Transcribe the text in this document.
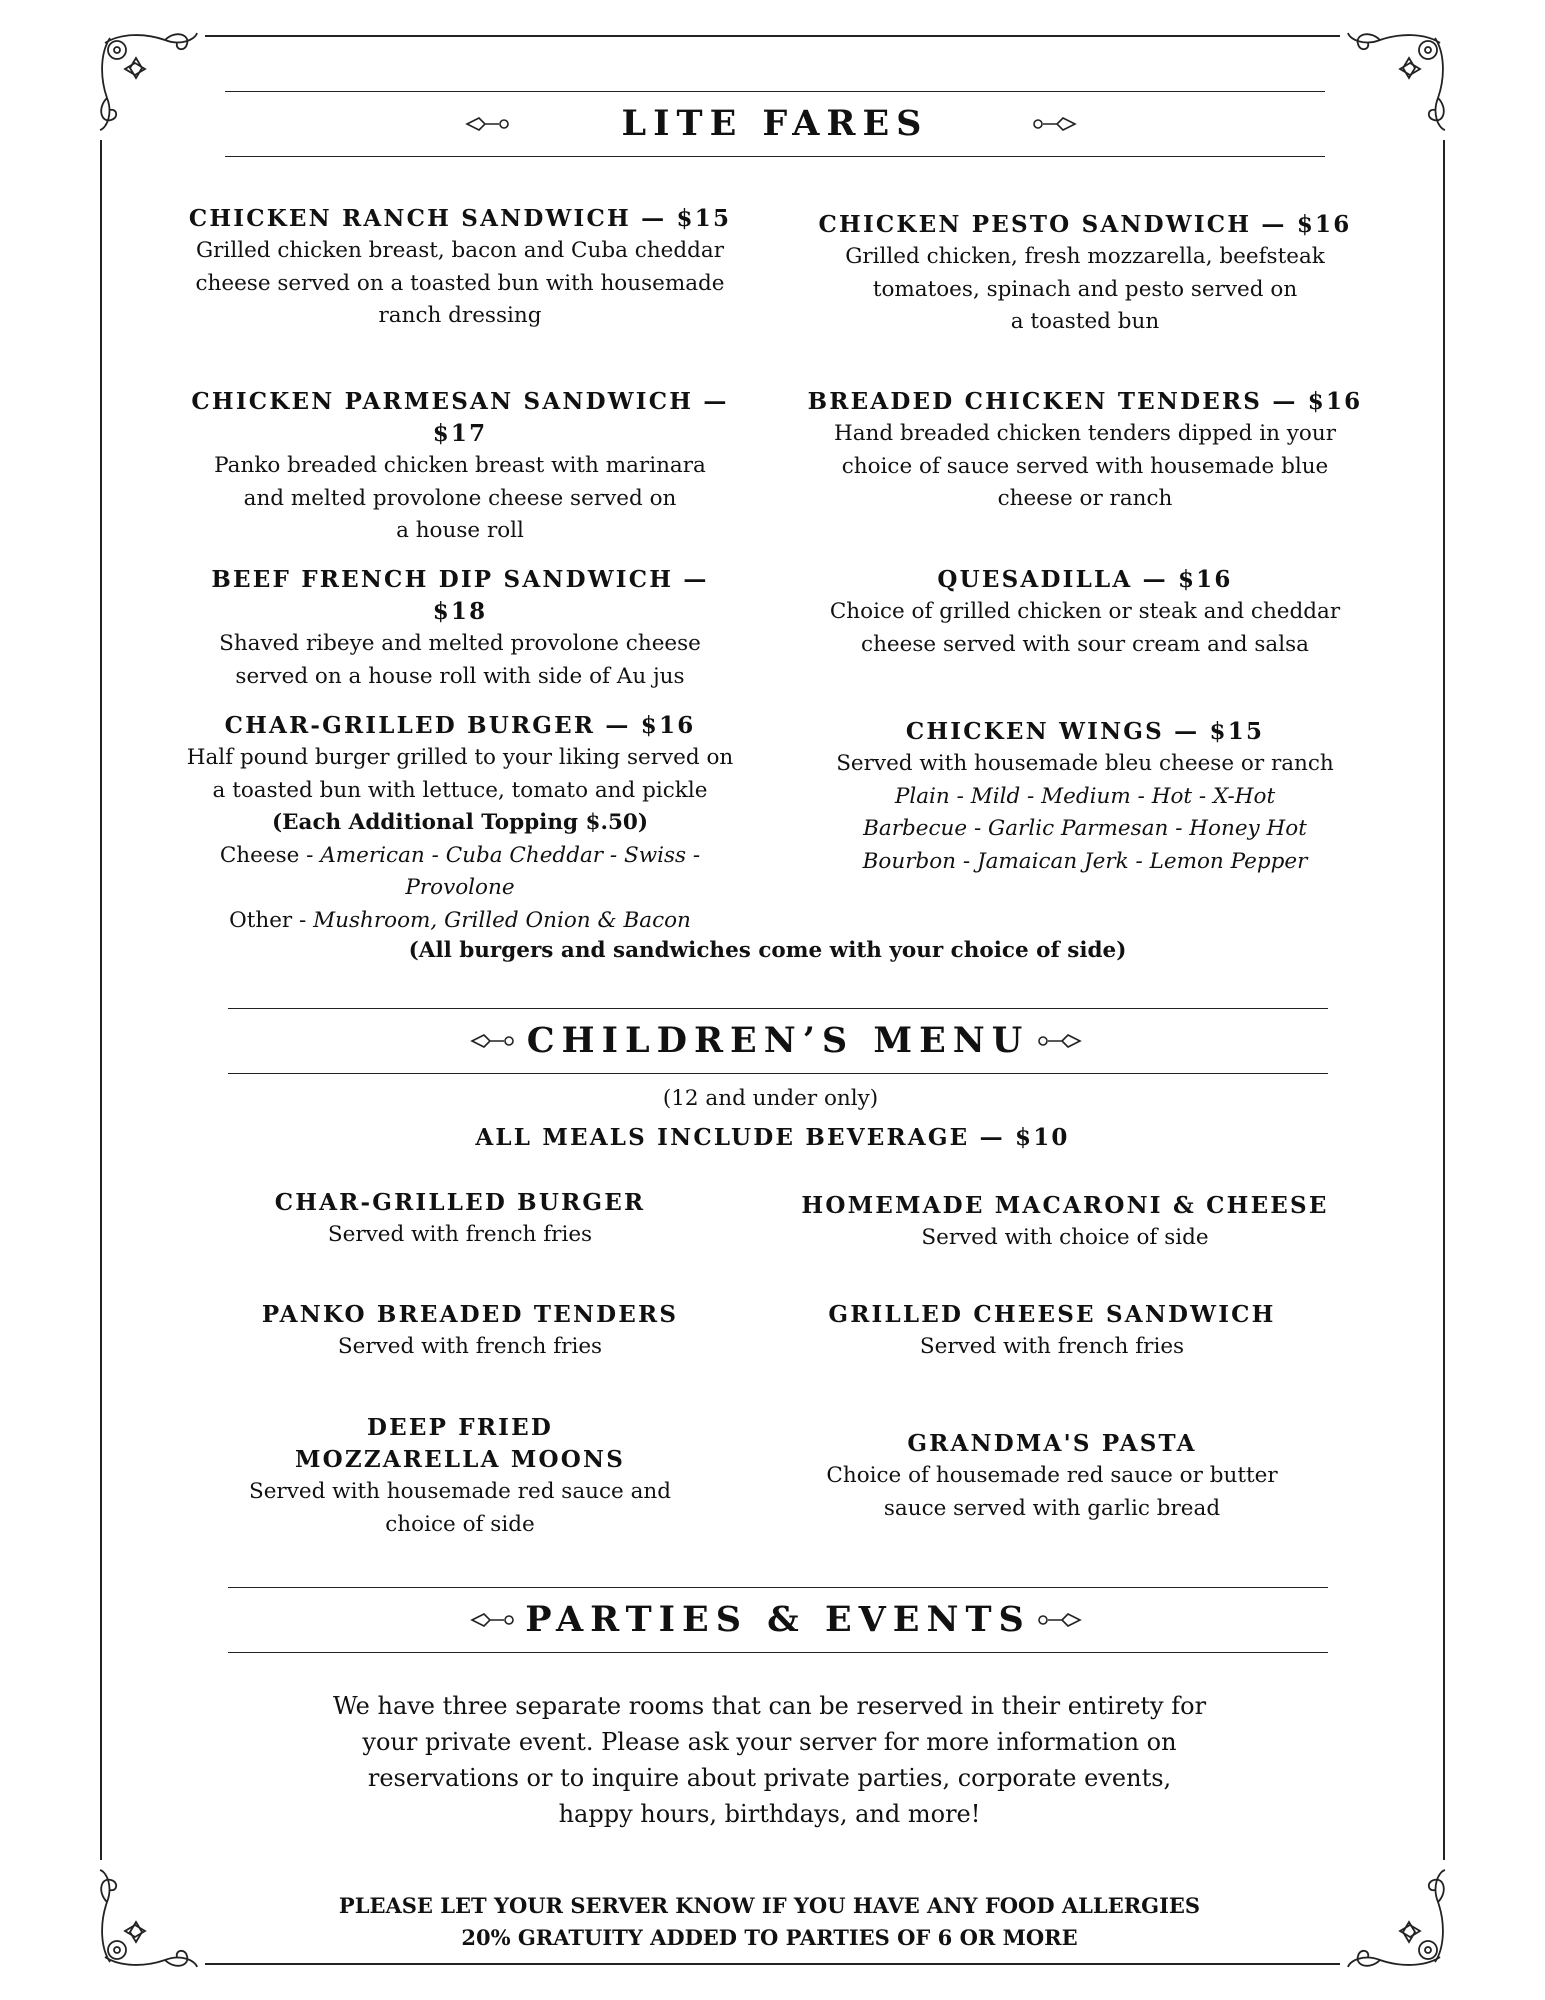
LITE FARES
CHICKEN RANCH SANDWICH — $15

Grilled chicken breast, bacon and Cuba cheddar

cheese served on a toasted bun with housemade

ranch dressing

CHICKEN PARMESAN SANDWICH — $17

Panko breaded chicken breast with marinara

and melted provolone cheese served on

a house roll

BEEF FRENCH DIP SANDWICH — $18

Shaved ribeye and melted provolone cheese

served on a house roll with side of Au jus

CHAR-GRILLED BURGER — $16

Half pound burger grilled to your liking served on

a toasted bun with lettuce, tomato and pickle

(Each Additional Topping $.50)

Cheese - American - Cuba Cheddar - Swiss - Provolone

Other - Mushroom, Grilled Onion & Bacon

CHICKEN PESTO SANDWICH — $16

Grilled chicken, fresh mozzarella, beefsteak

tomatoes, spinach and pesto served on

a toasted bun

BREADED CHICKEN TENDERS — $16

Hand breaded chicken tenders dipped in your

choice of sauce served with housemade blue

cheese or ranch

QUESADILLA — $16

Choice of grilled chicken or steak and cheddar

cheese served with sour cream and salsa

CHICKEN WINGS — $15

Served with housemade bleu cheese or ranch

Plain - Mild - Medium - Hot - X-Hot

Barbecue - Garlic Parmesan - Honey Hot

Bourbon - Jamaican Jerk - Lemon Pepper

(All burgers and sandwiches come with your choice of side)
CHILDREN’S MENU
(12 and under only)
ALL MEALS INCLUDE BEVERAGE — $10
CHAR-GRILLED BURGER

Served with french fries

PANKO BREADED TENDERS

Served with french fries

DEEP FRIED
MOZZARELLA MOONS

Served with housemade red sauce and

choice of side

HOMEMADE MACARONI & CHEESE

Served with choice of side

GRILLED CHEESE SANDWICH

Served with french fries

GRANDMA'S PASTA

Choice of housemade red sauce or butter

sauce served with garlic bread

PARTIES & EVENTS
We have three separate rooms that can be reserved in their entirety for
your private event. Please ask your server for more information on
reservations or to inquire about private parties, corporate events,
happy hours, birthdays, and more!
PLEASE LET YOUR SERVER KNOW IF YOU HAVE ANY FOOD ALLERGIES
20% GRATUITY ADDED TO PARTIES OF 6 OR MORE
